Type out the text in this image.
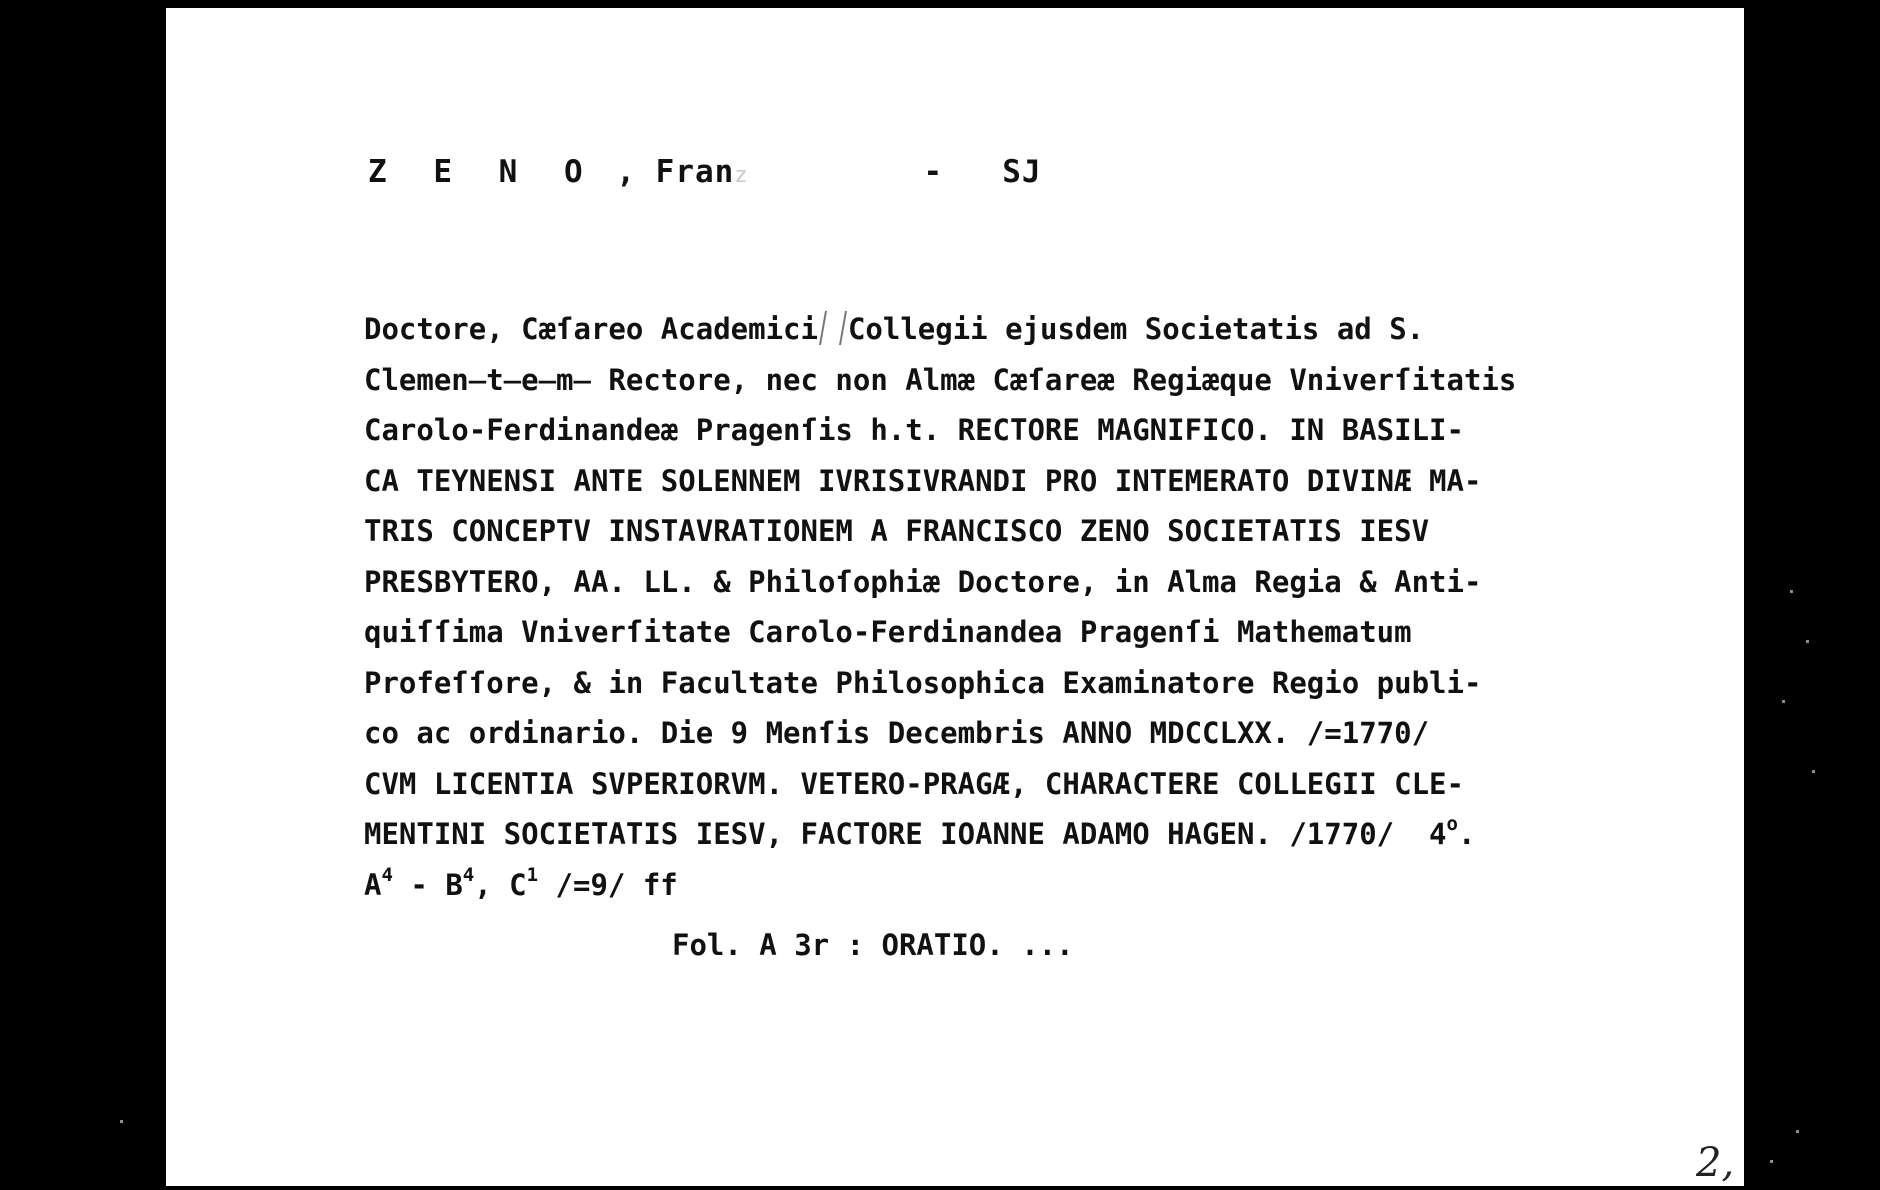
Z E N O , Franz    	- SJ
Doctore, Cæſareo Academici Collegii ejusdem Societatis ad S.
Clemen̶t̶e̶m̶ Rectore, nec non Almæ Cæſareæ Regiæque Vniverſitatis
Carolo-Ferdinandeæ Pragenſis h.t. RECTORE MAGNIFICO. IN BASILI-
CA TEYNENSI ANTE SOLENNEM IVRISIVRANDI PRO INTEMERATO DIVINÆ MA-
TRIS CONCEPTV INSTAVRATIONEM A FRANCISCO ZENO SOCIETATIS IESV
PRESBYTERO, AA. LL. & Philoſophiæ Doctore, in Alma Regia & Anti-
quiſſima Vniverſitate Carolo-Ferdinandea Pragenſi Mathematum
Profeſſore, & in Facultate Philosophica Examinatore Regio publi-
co ac ordinario. Die 9 Menſis Decembris ANNO MDCCLXX. /=1770/
CVM LICENTIA SVPERIORVM. VETERO-PRAGÆ, CHARACTERE COLLEGII CLE-
MENTINI SOCIETATIS IESV, FACTORE IOANNE ADAMO HAGEN. /1770/  4$^o$.
$A^4 - B^4$, $C^1$ /=9/ ff
Fol. A 3r : ORATIO. ...
2,
